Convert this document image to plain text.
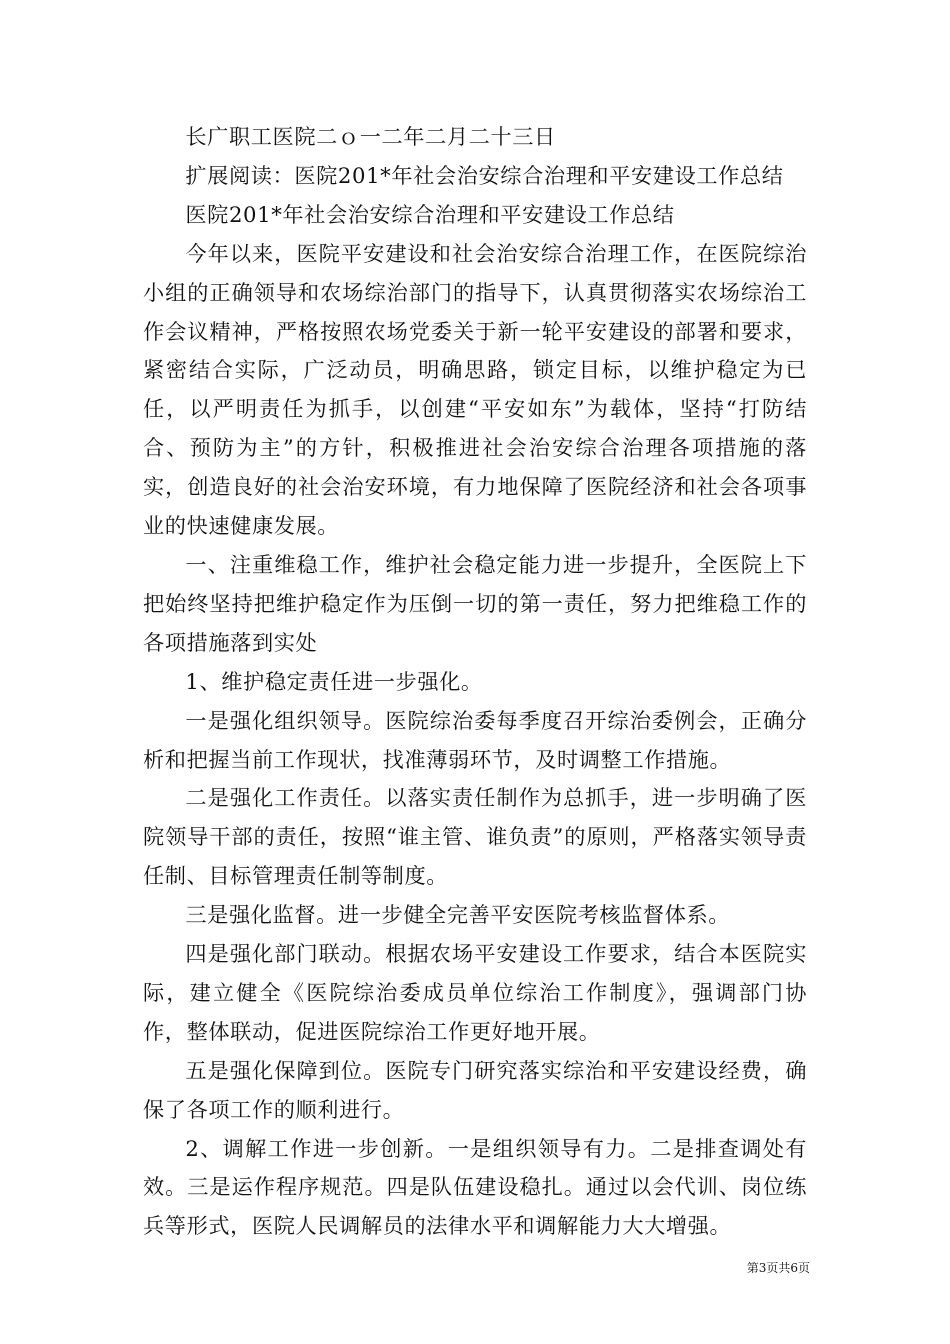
长广职工医院二ｏ一二年二月二十三日

扩展阅读：医院201*年社会治安综合治理和平安建设工作总结

医院201*年社会治安综合治理和平安建设工作总结

今年以来，医院平安建设和社会治安综合治理工作，在医院综治小组的正确领导和农场综治部门的指导下，认真贯彻落实农场综治工作会议精神，严格按照农场党委关于新一轮平安建设的部署和要求，紧密结合实际，广泛动员，明确思路，锁定目标，以维护稳定为已任，以严明责任为抓手，以创建“平安如东”为载体，坚持“打防结合、预防为主”的方针，积极推进社会治安综合治理各项措施的落实，创造良好的社会治安环境，有力地保障了医院经济和社会各项事业的快速健康发展。

一、注重维稳工作，维护社会稳定能力进一步提升，全医院上下把始终坚持把维护稳定作为压倒一切的第一责任，努力把维稳工作的各项措施落到实处

1、维护稳定责任进一步强化。

一是强化组织领导。医院综治委每季度召开综治委例会，正确分析和把握当前工作现状，找准薄弱环节，及时调整工作措施。

二是强化工作责任。以落实责任制作为总抓手，进一步明确了医院领导干部的责任，按照“谁主管、谁负责”的原则，严格落实领导责任制、目标管理责任制等制度。

三是强化监督。进一步健全完善平安医院考核监督体系。

四是强化部门联动。根据农场平安建设工作要求，结合本医院实际，建立健全《医院综治委成员单位综治工作制度》，强调部门协作，整体联动，促进医院综治工作更好地开展。

五是强化保障到位。医院专门研究落实综治和平安建设经费，确保了各项工作的顺利进行。

2、调解工作进一步创新。一是组织领导有力。二是排查调处有效。三是运作程序规范。四是队伍建设稳扎。通过以会代训、岗位练兵等形式，医院人民调解员的法律水平和调解能力大大增强。

第3页共6页
